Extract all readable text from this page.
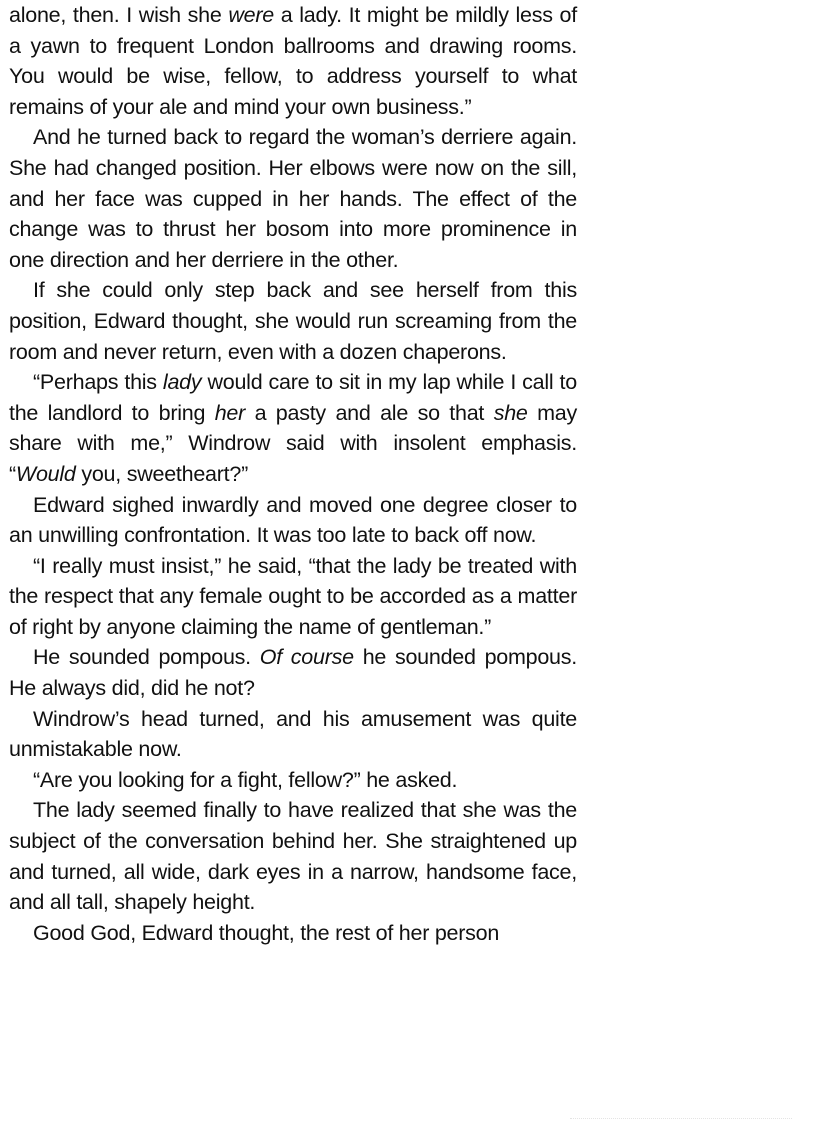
alone, then. I wish she were a lady. It might be mildly less of a yawn to frequent London ballrooms and drawing rooms. You would be wise, fellow, to address yourself to what remains of your ale and mind your own business.”

And he turned back to regard the woman’s derriere again. She had changed position. Her elbows were now on the sill, and her face was cupped in her hands. The effect of the change was to thrust her bosom into more prominence in one direction and her derriere in the other.

If she could only step back and see herself from this position, Edward thought, she would run screaming from the room and never return, even with a dozen chaperons.

“Perhaps this lady would care to sit in my lap while I call to the landlord to bring her a pasty and ale so that she may share with me,” Windrow said with insolent emphasis. “Would you, sweetheart?”

Edward sighed inwardly and moved one degree closer to an unwilling confrontation. It was too late to back off now.

“I really must insist,” he said, “that the lady be treated with the respect that any female ought to be accorded as a matter of right by anyone claiming the name of gentleman.”

He sounded pompous. Of course he sounded pompous. He always did, did he not?

Windrow’s head turned, and his amusement was quite unmistakable now.

“Are you looking for a fight, fellow?” he asked.

The lady seemed finally to have realized that she was the subject of the conversation behind her. She straightened up and turned, all wide, dark eyes in a narrow, handsome face, and all tall, shapely height.

Good God, Edward thought, the rest of her person
